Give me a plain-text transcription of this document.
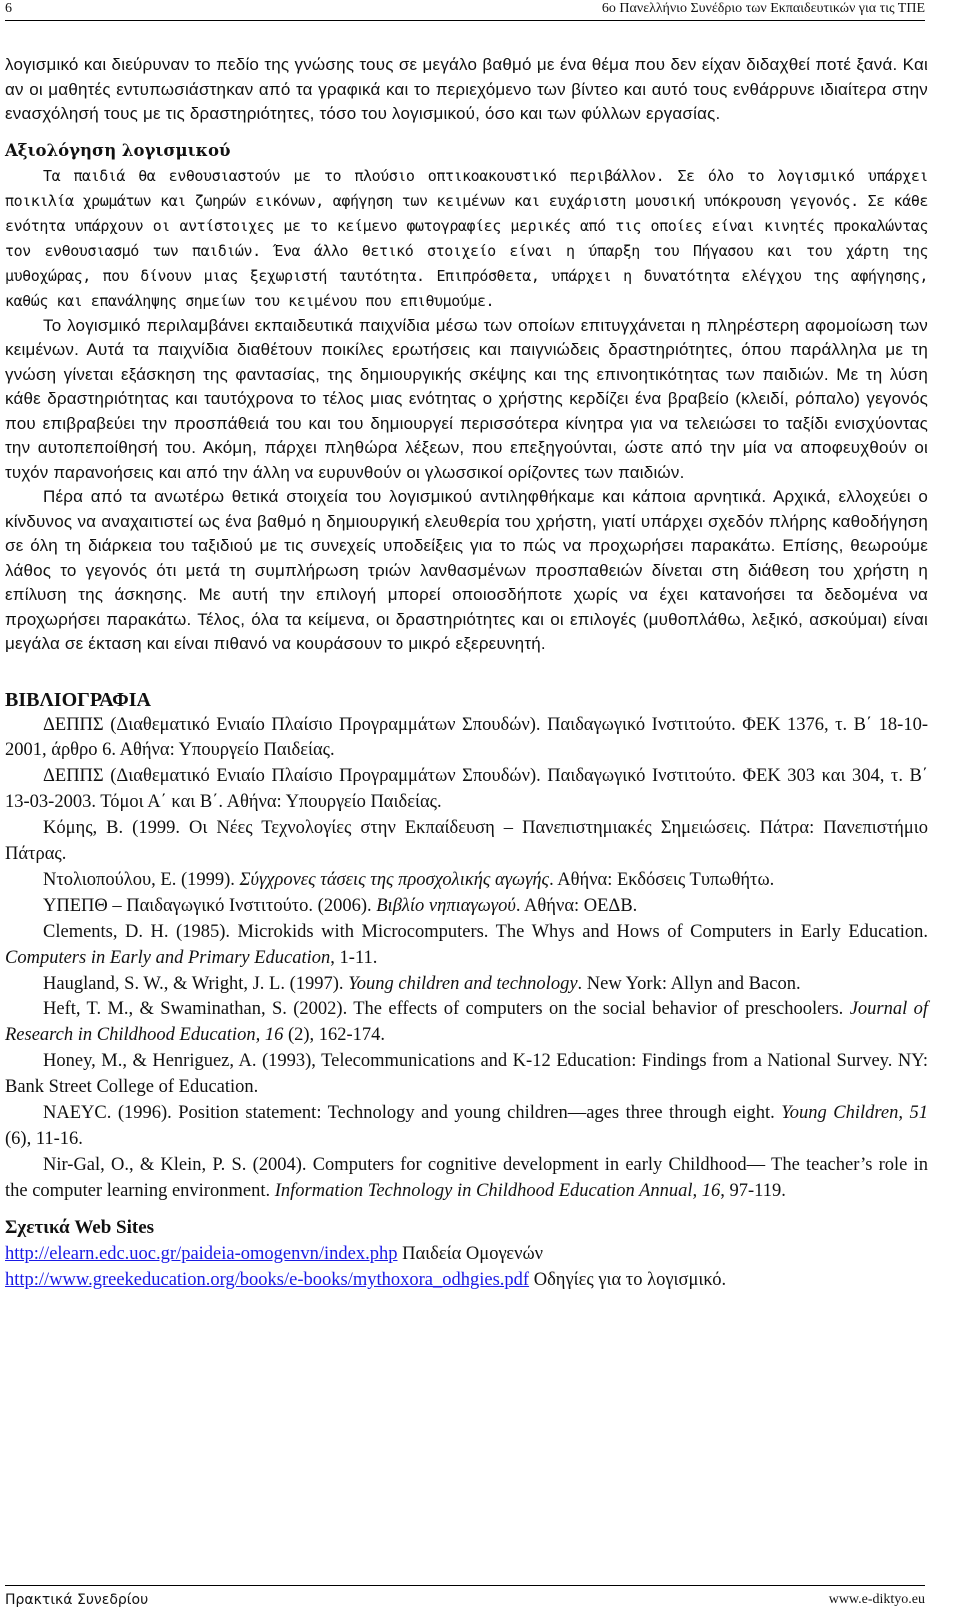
6	6ο Πανελλήνιο Συνέδριο των Εκπαιδευτικών για τις ΤΠΕ

λογισμικό και διεύρυναν το πεδίο της γνώσης τους σε μεγάλο βαθμό με ένα θέμα που δεν είχαν διδαχθεί ποτέ ξανά. Και αν οι μαθητές εντυπωσιάστηκαν από τα γραφικά και το περιεχόμενο των βίντεο και αυτό τους ενθάρρυνε ιδιαίτερα στην ενασχόλησή τους με τις δραστηριότητες, τόσο του λογισμικού, όσο και των φύλλων εργασίας.

Αξιολόγηση λογισμικού

Τα παιδιά θα ενθουσιαστούν με το πλούσιο οπτικοακουστικό περιβάλλον. Σε όλο το λογισμικό υπάρχει ποικιλία χρωμάτων και ζωηρών εικόνων, αφήγηση των κειμένων και ευχάριστη μουσική υπόκρουση γεγονός. Σε κάθε ενότητα υπάρχουν οι αντίστοιχες με το κείμενο φωτογραφίες μερικές από τις οποίες είναι κινητές προκαλώντας τον ενθουσιασμό των παιδιών. Ένα άλλο θετικό στοιχείο είναι η ύπαρξη του Πήγασου και του χάρτη της μυθοχώρας, που δίνουν μιας ξεχωριστή ταυτότητα. Επιπρόσθετα, υπάρχει η δυνατότητα ελέγχου της αφήγησης, καθώς και επανάληψης σημείων του κειμένου που επιθυμούμε.

Το λογισμικό περιλαμβάνει εκπαιδευτικά παιχνίδια μέσω των οποίων επιτυγχάνεται η πληρέστερη αφομοίωση των κειμένων. Αυτά τα παιχνίδια διαθέτουν ποικίλες ερωτήσεις και παιγνιώδεις δραστηριότητες, όπου παράλληλα με τη γνώση γίνεται εξάσκηση της φαντασίας, της δημιουργικής σκέψης και της επινοητικότητας των παιδιών. Με τη λύση κάθε δραστηριότητας και ταυτόχρονα το τέλος μιας ενότητας ο χρήστης κερδίζει ένα βραβείο (κλειδί, ρόπαλο) γεγονός που επιβραβεύει την προσπάθειά του και του δημιουργεί περισσότερα κίνητρα για να τελειώσει το ταξίδι ενισχύοντας την αυτοπεποίθησή του. Ακόμη, πάρχει πληθώρα λέξεων, που επεξηγούνται, ώστε από την μία να αποφευχθούν οι τυχόν παρανοήσεις και από την άλλη να ευρυνθούν οι γλωσσικοί ορίζοντες των παιδιών.

Πέρα από τα ανωτέρω θετικά στοιχεία του λογισμικού αντιληφθήκαμε και κάποια αρνητικά. Αρχικά, ελλοχεύει ο κίνδυνος να αναχαιτιστεί ως ένα βαθμό η δημιουργική ελευθερία του χρήστη, γιατί υπάρχει σχεδόν πλήρης καθοδήγηση σε όλη τη διάρκεια του ταξιδιού με τις συνεχείς υποδείξεις για το πώς να προχωρήσει παρακάτω. Επίσης, θεωρούμε λάθος το γεγονός ότι μετά τη συμπλήρωση τριών λανθασμένων προσπαθειών δίνεται στη διάθεση του χρήστη η επίλυση της άσκησης. Με αυτή την επιλογή μπορεί οποιοσδήποτε χωρίς να έχει κατανοήσει τα δεδομένα να προχωρήσει παρακάτω. Τέλος, όλα τα κείμενα, οι δραστηριότητες και οι επιλογές (μυθοπλάθω, λεξικό, ασκούμαι) είναι μεγάλα σε έκταση και είναι πιθανό να κουράσουν το μικρό εξερευνητή.

ΒΙΒΛΙΟΓΡΑΦΙΑ

ΔΕΠΠΣ (Διαθεματικό Ενιαίο Πλαίσιο Προγραμμάτων Σπουδών). Παιδαγωγικό Ινστιτούτο. ΦΕΚ 1376, τ. Β΄ 18-10-2001, άρθρο 6. Αθήνα: Υπουργείο Παιδείας.

ΔΕΠΠΣ (Διαθεματικό Ενιαίο Πλαίσιο Προγραμμάτων Σπουδών). Παιδαγωγικό Ινστιτούτο. ΦΕΚ 303 και 304, τ. Β΄ 13-03-2003. Τόμοι Α΄ και Β΄. Αθήνα: Υπουργείο Παιδείας.

Κόμης, Β. (1999. Οι Νέες Τεχνολογίες στην Εκπαίδευση – Πανεπιστημιακές Σημειώσεις. Πάτρα: Πανεπιστήμιο Πάτρας.

Ντολιοπούλου, Ε. (1999). Σύγχρονες τάσεις της προσχολικής αγωγής. Αθήνα: Εκδόσεις Τυπωθήτω.

ΥΠΕΠΘ – Παιδαγωγικό Ινστιτούτο. (2006). Βιβλίο νηπιαγωγού. Αθήνα: ΟΕΔΒ.

Clements, D. H. (1985). Microkids with Microcomputers. The Whys and Hows of Computers in Early Education. Computers in Early and Primary Education, 1-11.

Haugland, S. W., & Wright, J. L. (1997). Young children and technology. New York: Allyn and Bacon.

Heft, T. M., & Swaminathan, S. (2002). The effects of computers on the social behavior of preschoolers. Journal of Research in Childhood Education, 16 (2), 162-174.

Honey, M., & Henriguez, A. (1993), Telecommunications and K-12 Education: Findings from a National Survey. NY: Bank Street College of Education.

NAEYC. (1996). Position statement: Technology and young children—ages three through eight. Young Children, 51 (6), 11-16.

Nir-Gal, O., & Klein, P. S. (2004). Computers for cognitive development in early Childhood— The teacher’s role in the computer learning environment. Information Technology in Childhood Education Annual, 16, 97-119.

Σχετικά Web Sites
http://elearn.edc.uoc.gr/paideia-omogenvn/index.php Παιδεία Ομογενών
http://www.greekeducation.org/books/e-books/mythoxora_odhgies.pdf Οδηγίες για το λογισμικό.
Πρακτικά Συνεδρίου	www.e-diktyo.eu
